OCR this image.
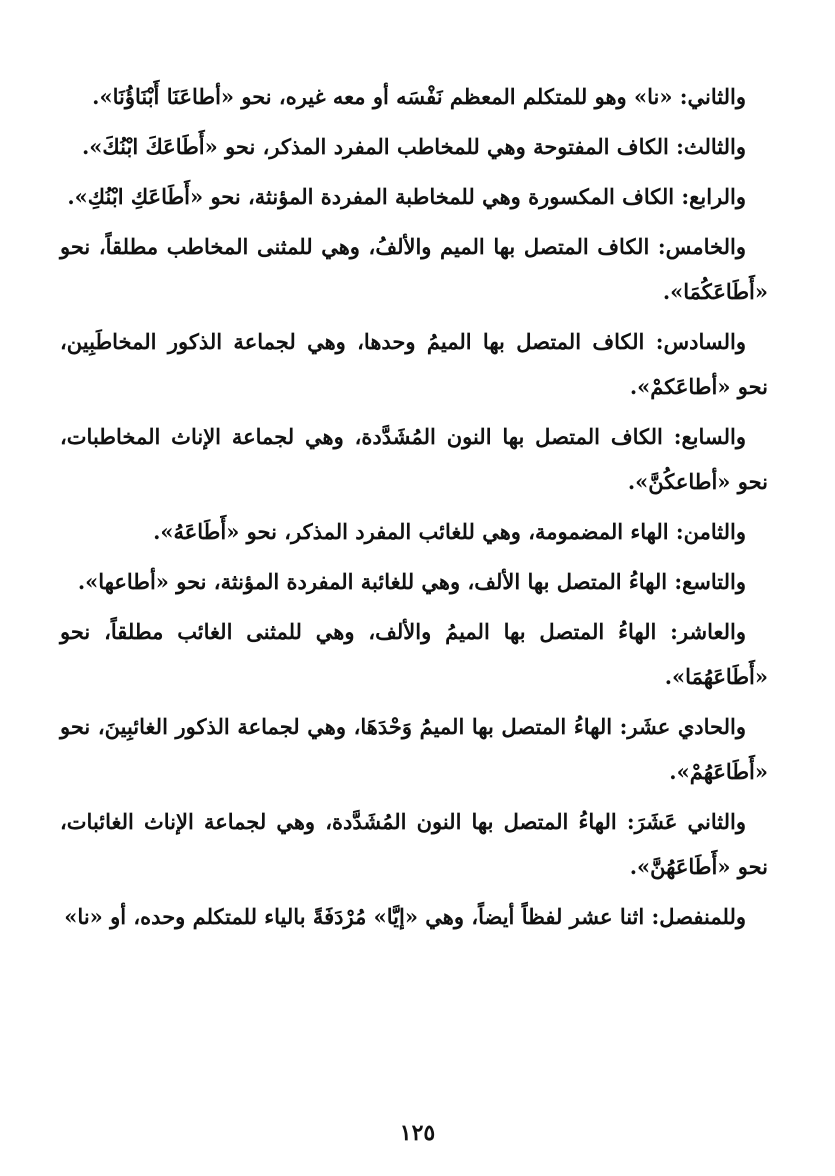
والثاني: «نا» وهو للمتكلم المعظم نَفْسَه أو معه غيره، نحو «أطاعَنَا أَبْنَاؤُنَا».

والثالث: الكاف المفتوحة وهي للمخاطب المفرد المذكر، نحو «أَطَاعَكَ ابْنُكَ».

والرابع: الكاف المكسورة وهي للمخاطبة المفردة المؤنثة، نحو «أَطَاعَكِ ابْنُكِ».

والخامس: الكاف المتصل بها الميم والألفُ، وهي للمثنى المخاطب مطلقاً، نحو «أَطَاعَكُمَا».

والسادس: الكاف المتصل بها الميمُ وحدها، وهي لجماعة الذكور المخاطَبِين، نحو «أطاعَكمْ».

والسابع: الكاف المتصل بها النون المُشَدَّدة، وهي لجماعة الإناث المخاطبات، نحو «أطاعكُنَّ».

والثامن: الهاء المضمومة، وهي للغائب المفرد المذكر، نحو «أَطَاعَهُ».

والتاسع: الهاءُ المتصل بها الألف، وهي للغائبة المفردة المؤنثة، نحو «أطاعها».

والعاشر: الهاءُ المتصل بها الميمُ والألف، وهي للمثنى الغائب مطلقاً، نحو «أَطَاعَهُمَا».

والحادي عشَر: الهاءُ المتصل بها الميمُ وَحْدَهَا، وهي لجماعة الذكور الغائبِينَ، نحو «أَطَاعَهُمْ».

والثاني عَشَرَ: الهاءُ المتصل بها النون المُشَدَّدة، وهي لجماعة الإناث الغائبات، نحو «أَطَاعَهُنَّ».

وللمنفصل: اثنا عشر لفظاً أيضاً، وهي «إيَّا» مُرْدَفَةً بالياء للمتكلم وحده، أو «نا»

١٢٥
